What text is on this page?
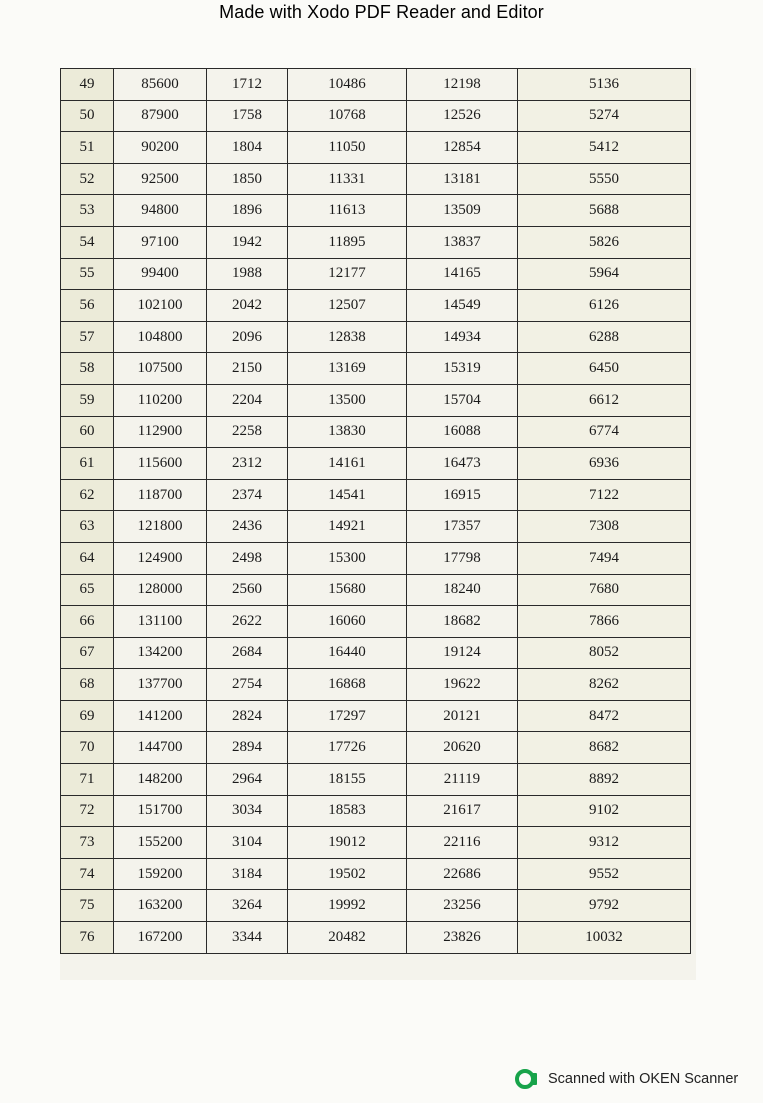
Made with Xodo PDF Reader and Editor
49	85600	1712	10486	12198	5136
50	87900	1758	10768	12526	5274
51	90200	1804	11050	12854	5412
52	92500	1850	11331	13181	5550
53	94800	1896	11613	13509	5688
54	97100	1942	11895	13837	5826
55	99400	1988	12177	14165	5964
56	102100	2042	12507	14549	6126
57	104800	2096	12838	14934	6288
58	107500	2150	13169	15319	6450
59	110200	2204	13500	15704	6612
60	112900	2258	13830	16088	6774
61	115600	2312	14161	16473	6936
62	118700	2374	14541	16915	7122
63	121800	2436	14921	17357	7308
64	124900	2498	15300	17798	7494
65	128000	2560	15680	18240	7680
66	131100	2622	16060	18682	7866
67	134200	2684	16440	19124	8052
68	137700	2754	16868	19622	8262
69	141200	2824	17297	20121	8472
70	144700	2894	17726	20620	8682
71	148200	2964	18155	21119	8892
72	151700	3034	18583	21617	9102
73	155200	3104	19012	22116	9312
74	159200	3184	19502	22686	9552
75	163200	3264	19992	23256	9792
76	167200	3344	20482	23826	10032
Scanned with OKEN Scanner
